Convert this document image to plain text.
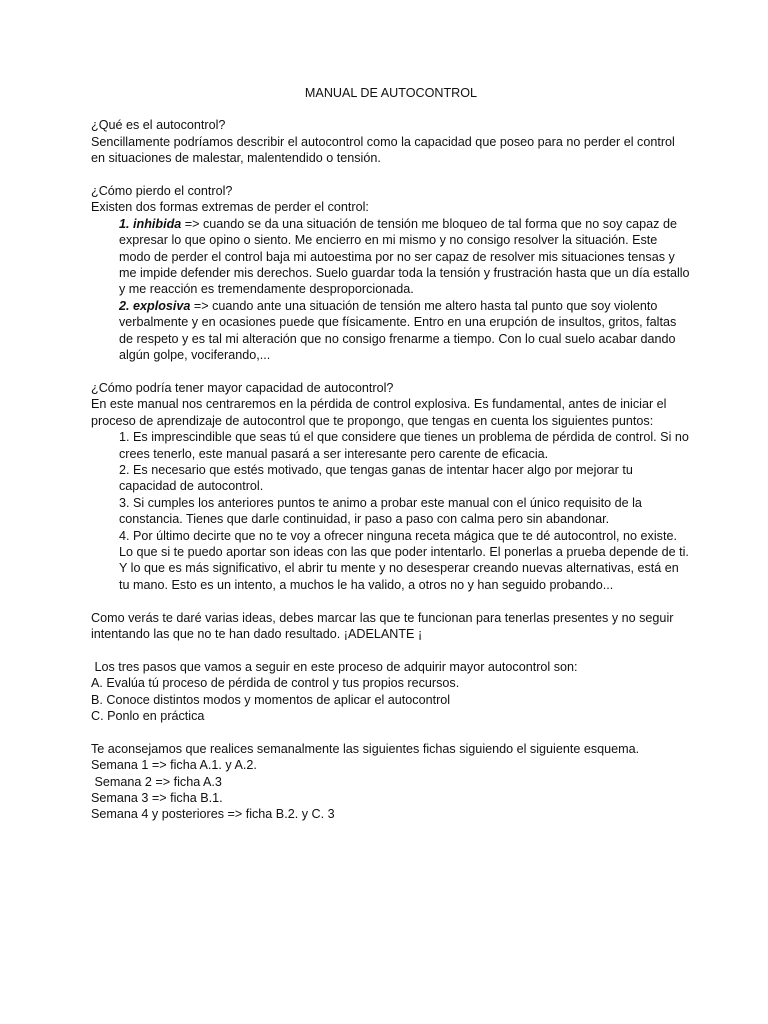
MANUAL DE AUTOCONTROL

¿Qué es el autocontrol?

Sencillamente podríamos describir el autocontrol como la capacidad que poseo para no perder el control en situaciones de malestar, malentendido o tensión.

¿Cómo pierdo el control?

Existen dos formas extremas de perder el control:

1. inhibida => cuando se da una situación de tensión me bloqueo de tal forma que no soy capaz de expresar lo que opino o siento. Me encierro en mi mismo y no consigo resolver la situación. Este modo de perder el control baja mi autoestima por no ser capaz de resolver mis situaciones tensas y me impide defender mis derechos. Suelo guardar toda la tensión y frustración hasta que un día estallo y me reacción es tremendamente desproporcionada.

2. explosiva => cuando ante una situación de tensión me altero hasta tal punto que soy violento verbalmente y en ocasiones puede que físicamente. Entro en una erupción de insultos, gritos, faltas de respeto y es tal mi alteración que no consigo frenarme a tiempo. Con lo cual suelo acabar dando algún golpe, vociferando,...

¿Cómo podría tener mayor capacidad de autocontrol?

En este manual nos centraremos en la pérdida de control explosiva. Es fundamental, antes de iniciar el proceso de aprendizaje de autocontrol que te propongo, que tengas en cuenta los siguientes puntos:

1. Es imprescindible que seas tú el que considere que tienes un problema de pérdida de control. Si no crees tenerlo, este manual pasará a ser interesante pero carente de eficacia.

2. Es necesario que estés motivado, que tengas ganas de intentar hacer algo por mejorar tu capacidad de autocontrol.

3. Si cumples los anteriores puntos te animo a probar este manual con el único requisito de la constancia. Tienes que darle continuidad, ir paso a paso con calma pero sin abandonar.

4. Por último decirte que no te voy a ofrecer ninguna receta mágica que te dé autocontrol, no existe. Lo que si te puedo aportar son ideas con las que poder intentarlo. El ponerlas a prueba depende de ti. Y lo que es más significativo, el abrir tu mente y no desesperar creando nuevas alternativas, está en tu mano. Esto es un intento, a muchos le ha valido, a otros no y han seguido probando...

Como verás te daré varias ideas, debes marcar las que te funcionan para tenerlas presentes y no seguir intentando las que no te han dado resultado. ¡ADELANTE ¡

Los tres pasos que vamos a seguir en este proceso de adquirir mayor autocontrol son:

A. Evalúa tú proceso de pérdida de control y tus propios recursos.

B. Conoce distintos modos y momentos de aplicar el autocontrol

C. Ponlo en práctica

Te aconsejamos que realices semanalmente las siguientes fichas siguiendo el siguiente esquema.

Semana 1 => ficha A.1. y A.2.

Semana 2 => ficha A.3

Semana 3 => ficha B.1.

Semana 4 y posteriores => ficha B.2. y C. 3
